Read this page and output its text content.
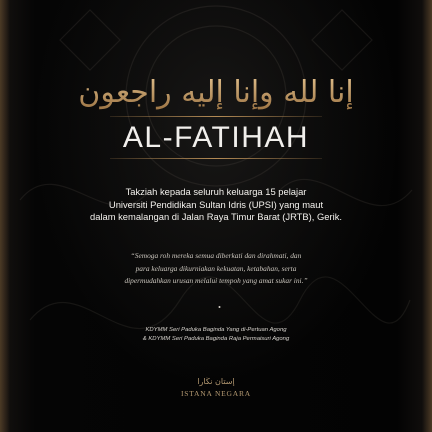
إنا لله وإنا إليه راجعون
AL-FATIHAH
Takziah kepada seluruh keluarga 15 pelajar
Universiti Pendidikan Sultan Idris (UPSI) yang maut
dalam kemalangan di Jalan Raya Timur Barat (JRTB), Gerik.
“Semoga roh mereka semua diberkati dan dirahmati, dan
para keluarga dikurniakan kekuatan, ketabahan, serta
dipermudahkan urusan melalui tempoh yang amat sukar ini.”
KDYMM Seri Paduka Baginda Yang di-Pertuan Agong
& KDYMM Seri Paduka Baginda Raja Permaisuri Agong
إستان نڬارا
ISTANA NEGARA
